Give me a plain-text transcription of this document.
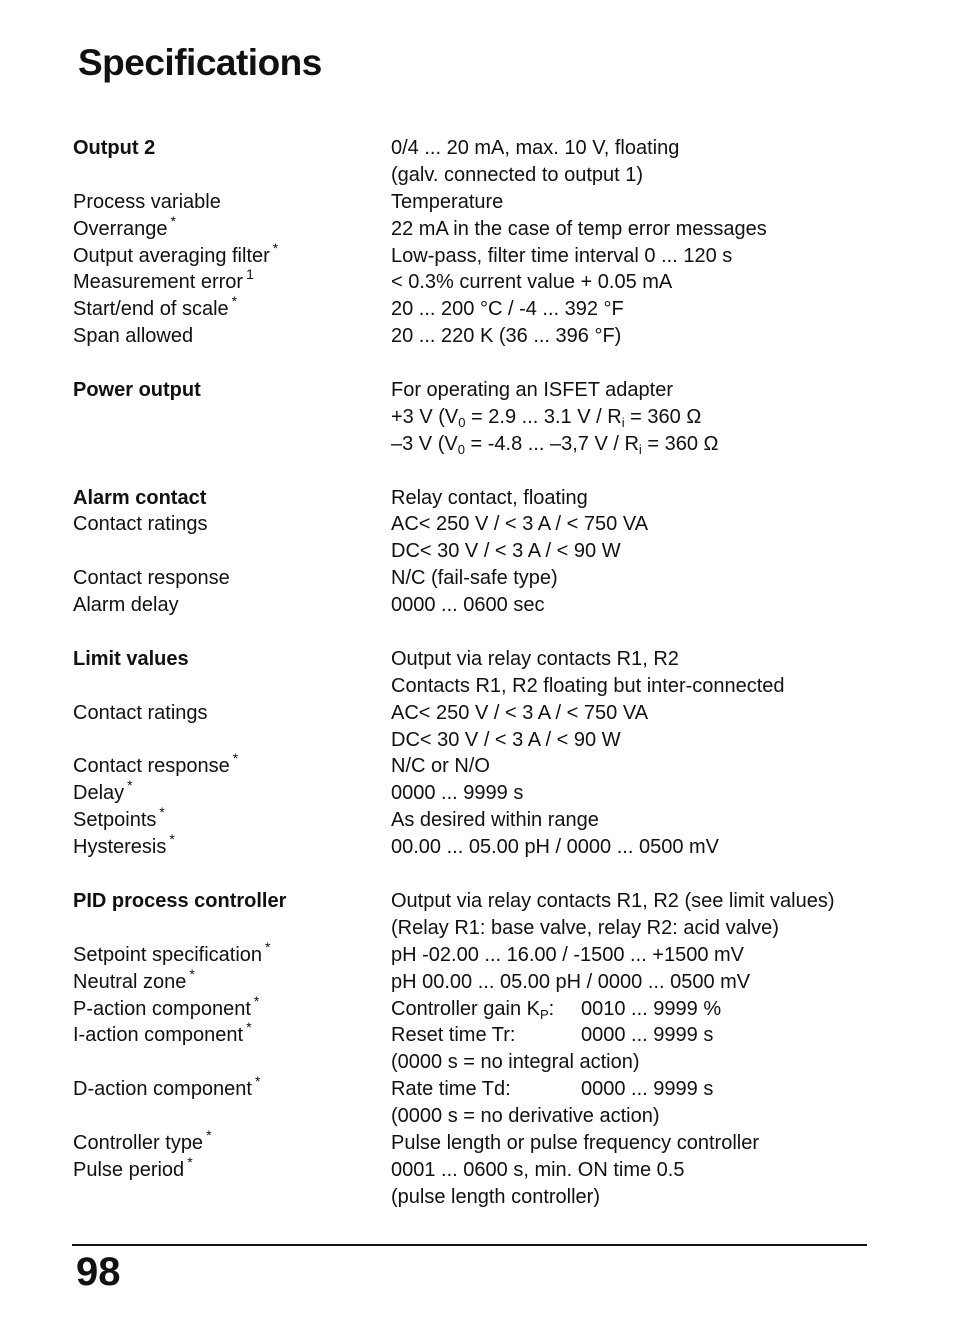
Specifications
Output 2	0/4 ... 20 mA, max. 10 V, floating
(galv. connected to output 1)
Process variable	Temperature
Overrange *	22 mA in the case of temp error messages
Output averaging filter *	Low-pass, filter time interval 0 ... 120 s
Measurement error $^1$	< 0.3% current value + 0.05 mA
Start/end of scale *	20 ... 200 °C / -4 ... 392 °F
Span allowed	20 ... 220 K (36 ... 396 °F)
Power output	For operating an ISFET adapter
+3 V ($V_0 = 2.9$ ... 3.1 $V / R_i = 360$ Ω
–3 V ($V_0 = -4.8$ ... –3,7 $V / R_i = 360$ Ω
Alarm contact	Relay contact, floating
Contact ratings	AC< 250 V / < 3 A / < 750 VA
DC< 30 V / < 3 A / < 90 W
Contact response	N/C (fail-safe type)
Alarm delay	0000 ... 0600 sec
Limit values	Output via relay contacts R1, R2
Contacts R1, R2 floating but inter-connected
Contact ratings	AC< 250 V / < 3 A / < 750 VA
DC< 30 V / < 3 A / < 90 W
Contact response *	N/C or N/O
Delay *	0000 ... 9999 s
Setpoints *	As desired within range
Hysteresis *	00.00 ... 05.00 pH / 0000 ... 0500 mV
PID process controller	Output via relay contacts R1, R2 (see limit values)
(Relay R1: base valve, relay R2: acid valve)
Setpoint specification *	pH -02.00 ... 16.00 / -1500 ... +1500 mV
Neutral zone *	pH 00.00 ... 05.00 pH / 0000 ... 0500 mV
P-action component *	Controller gain $K_P$: 0010 ... 9999 %
I-action component *	Reset time Tr:	0000 ... 9999 s
(0000 s = no integral action)
D-action component *	Rate time Td:	0000 ... 9999 s
(0000 s = no derivative action)
Controller type *	Pulse length or pulse frequency controller
Pulse period *	0001 ... 0600 s, min. ON time 0.5
(pulse length controller)
98
